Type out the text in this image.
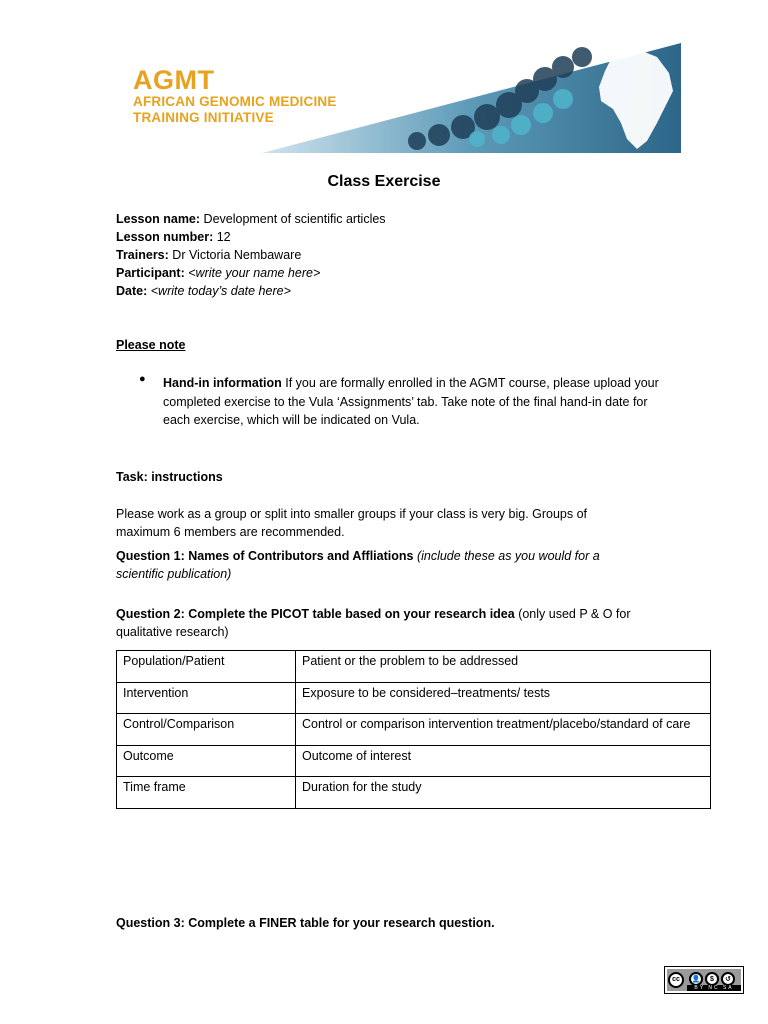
AGMT
AFRICAN GENOMIC MEDICINE
TRAINING INITIATIVE
Class Exercise
Lesson name: Development of scientific articles
Lesson number: 12
Trainers: Dr Victoria Nembaware
Participant: <write your name here>
Date: <write today’s date here>
Please note
● Hand-in information If you are formally enrolled in the AGMT course, please upload your completed exercise to the Vula ‘Assignments’ tab. Take note of the final hand-in date for each exercise, which will be indicated on Vula.
Task: instructions
Please work as a group or split into smaller groups if your class is very big. Groups of maximum 6 members are recommended.
Question 1: Names of Contributors and Affliations (include these as you would for a scientific publication)
Question 2: Complete the PICOT table based on your research idea (only used P & O for qualitative research)
Population/Patient	Patient or the problem to be addressed
Intervention	Exposure to be considered–treatments/ tests
Control/Comparison	Control or comparison intervention treatment/placebo/standard of care
Outcome	Outcome of interest
Time frame	Duration for the study
Question 3: Complete a FINER table for your research question.
cc	👤	$	↺
BY NC SA
